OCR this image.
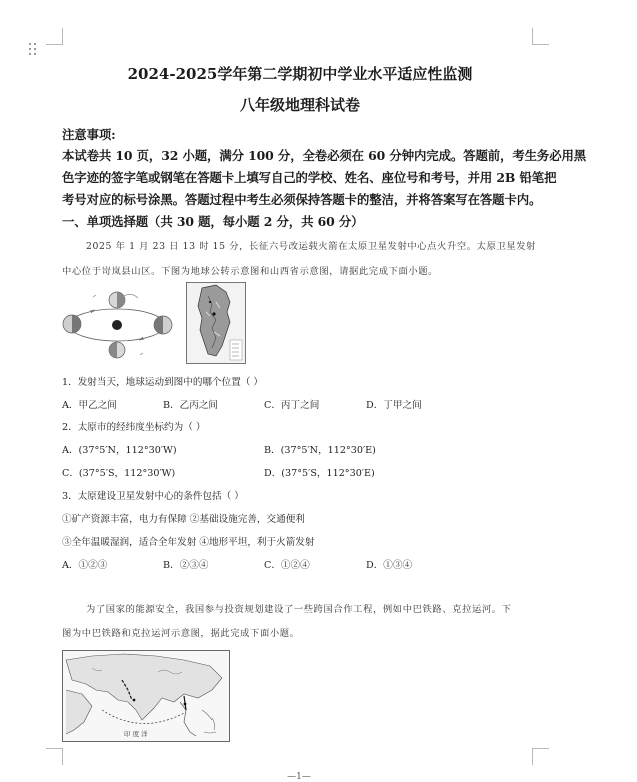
2024-2025学年第二学期初中学业水平适应性监测
八年级地理科试卷
注意事项:
本试卷共 10 页，32 小题，满分 100 分，全卷必须在 60 分钟内完成。答题前，考生务必用黑
色字迹的签字笔或钢笔在答题卡上填写自己的学校、姓名、座位号和考号，并用 2B 铅笔把
考号对应的标号涂黑。答题过程中考生必须保持答题卡的整洁，并将答案写在答题卡内。
一、单项选择题（共 30 题，每小题 2 分，共 60 分）
2025 年 1 月 23 日 13 时 15 分，长征六号改运载火箭在太原卫星发射中心点火升空。太原卫星发射
中心位于岢岚县山区。下图为地球公转示意图和山西省示意图，请据此完成下面小题。
1．发射当天，地球运动到图中的哪个位置（ ）
A．甲乙之间	B．乙丙之间	C．丙丁之间	D．丁甲之间
2．太原市的经纬度坐标约为（ ）
A．(37°5′N，112°30′W)	B．(37°5′N，112°30′E)
C．(37°5′S，112°30′W)	D．(37°5′S，112°30′E)
3．太原建设卫星发射中心的条件包括（ ）
①矿产资源丰富，电力有保障 ②基础设施完善，交通便利
③全年温暖湿润，适合全年发射 ④地形平坦，利于火箭发射
A．①②③	B．②③④	C．①②④	D．①③④
为了国家的能源安全，我国参与投资规划建设了一些跨国合作工程，例如中巴铁路、克拉运河。下
图为中巴铁路和克拉运河示意图，据此完成下面小题。
印 度 洋
—1—
